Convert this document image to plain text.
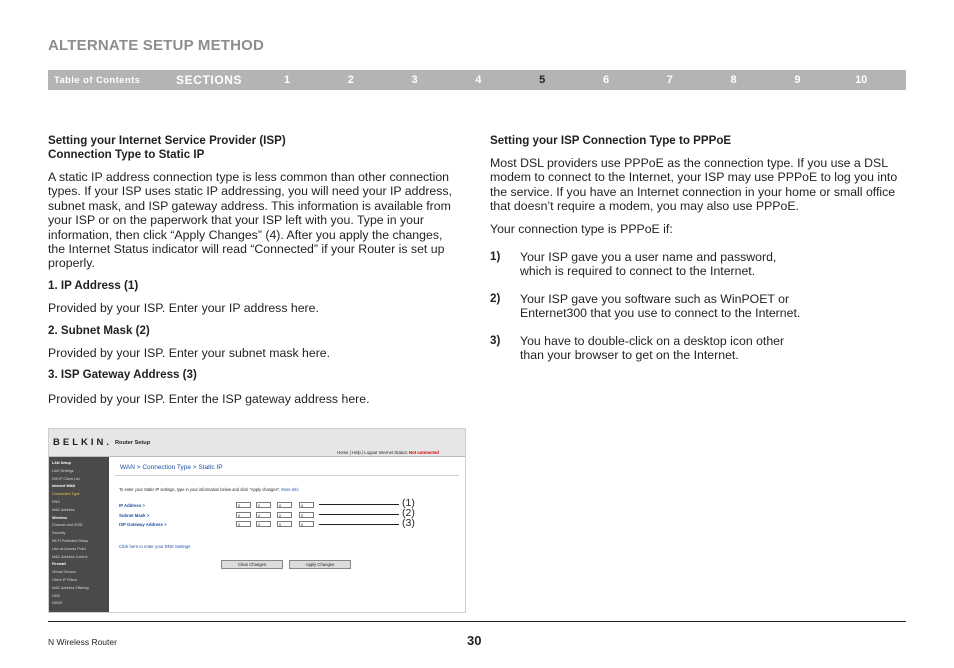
ALTERNATE SETUP METHOD
Table of Contents	SECTIONS	1	2	3	4	5	6	7	8	9	10
Setting your Internet Service Provider (ISP)
Connection Type to Static IP

A static IP address connection type is less common than other connection types. If your ISP uses static IP addressing, you will need your IP address, subnet mask, and ISP gateway address. This information is available from your ISP or on the paperwork that your ISP left with you. Type in your information, then click “Apply Changes” (4). After you apply the changes, the Internet Status indicator will read “Connected” if your Router is set up properly.

1. IP Address (1)

Provided by your ISP. Enter your IP address here.

2. Subnet Mask (2)

Provided by your ISP. Enter your subnet mask here.

3. ISP Gateway Address (3)

Provided by your ISP. Enter the ISP gateway address here.

Setting your ISP Connection Type to PPPoE

Most DSL providers use PPPoE as the connection type. If you use a DSL modem to connect to the Internet, your ISP may use PPPoE to log you into the service. If you have an Internet connection in your home or small office that doesn’t require a modem, you may also use PPPoE.

Your connection type is PPPoE if:

1) Your ISP gave you a user name and password,
which is required to connect to the Internet.
2) Your ISP gave you software such as WinPOET or
Enternet300 that you use to connect to the Internet.
3) You have to double-click on a desktop icon other
than your browser to get on the Internet.
BELKIN. Router Setup
Home | Help | Logout Internet Status: Not connected
LAN Setup
LAN Settings
DHCP Client List
Internet WAN
Connection Type
DNS
MAC Address
Wireless
Channel and SSID
Security
Wi-Fi Protected Setup
Use as Access Point
MAC Address Control
Firewall
Virtual Servers
Client IP Filters
MAC Address Filtering
DMZ
DDNS
WAN > Connection Type > Static IP
To enter your Static IP settings, type in your information below and click "Apply changes". More Info
IP Address >	0	0	0	0
Subnet Mask >	0	0	0	0
ISP Gateway Address >	0	0	0	0
Click here to enter your DNS Settings
Clear Changes	Apply Changes
(1)
(2)
(3)
N Wireless Router	30
